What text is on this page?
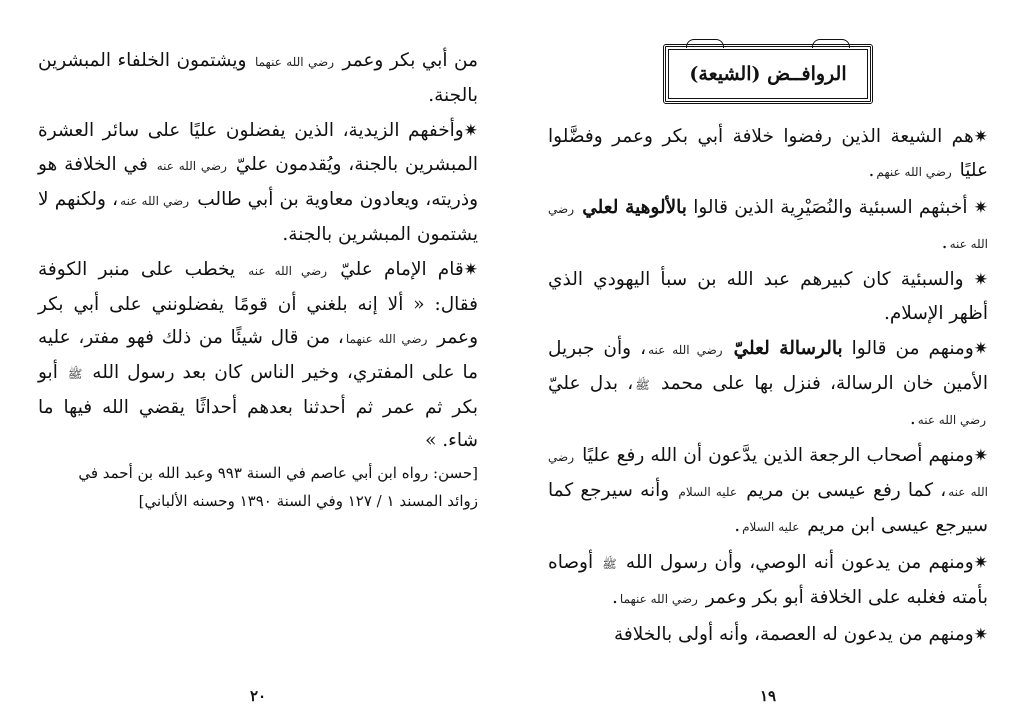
من أبي بكر وعمر رضي الله عنهما ويشتمون الخلفاء المبشرين بالجنة.

✷وأخفهم الزيدية، الذين يفضلون عليًا على سائر العشرة المبشرين بالجنة، ويُقدمون عليّ رضي الله عنه في الخلافة هو وذريته، ويعادون معاوية بن أبي طالب رضي الله عنه، ولكنهم لا يشتمون المبشرين بالجنة.

✷قام الإمام عليّ رضي الله عنه يخطب على منبر الكوفة فقال: « ألا إنه بلغني أن قومًا يفضلونني على أبي بكر وعمر رضي الله عنهما، من قال شيئًا من ذلك فهو مفتر، عليه ما على المفتري، وخير الناس كان بعد رسول الله ﷺ أبو بكر ثم عمر ثم أحدثنا بعدهم أحداثًا يقضي الله فيها ما شاء. »

[حسن: رواه ابن أبي عاصم في السنة ٩٩٣ وعبد الله بن أحمد في
زوائد المسند ١ / ١٢٧ وفي السنة ١٣٩٠ وحسنه الألباني]
٢٠
الروافــض (الشيعة)

✷هم الشيعة الذين رفضوا خلافة أبي بكر وعمر وفضَّلوا عليًا رضي الله عنهم.

✷ أخبثهم السبئية والنُصَيْرِية الذين قالوا بالألوهية لعلي رضي الله عنه.

✷ والسبئية كان كبيرهم عبد الله بن سبأ اليهودي الذي أظهر الإسلام.

✷ومنهم من قالوا بالرسالة لعليّ رضي الله عنه، وأن جبريل الأمين خان الرسالة، فنزل بها على محمد ﷺ، بدل عليّ رضي الله عنه.

✷ومنهم أصحاب الرجعة الذين يدَّعون أن الله رفع عليًا رضي الله عنه، كما رفع عيسى بن مريم عليه السلام وأنه سيرجع كما سيرجع عيسى ابن مريم عليه السلام.

✷ومنهم من يدعون أنه الوصي، وأن رسول الله ﷺ أوصاه بأمته فغلبه على الخلافة أبو بكر وعمر رضي الله عنهما.

✷ومنهم من يدعون له العصمة، وأنه أولى بالخلافة

١٩
